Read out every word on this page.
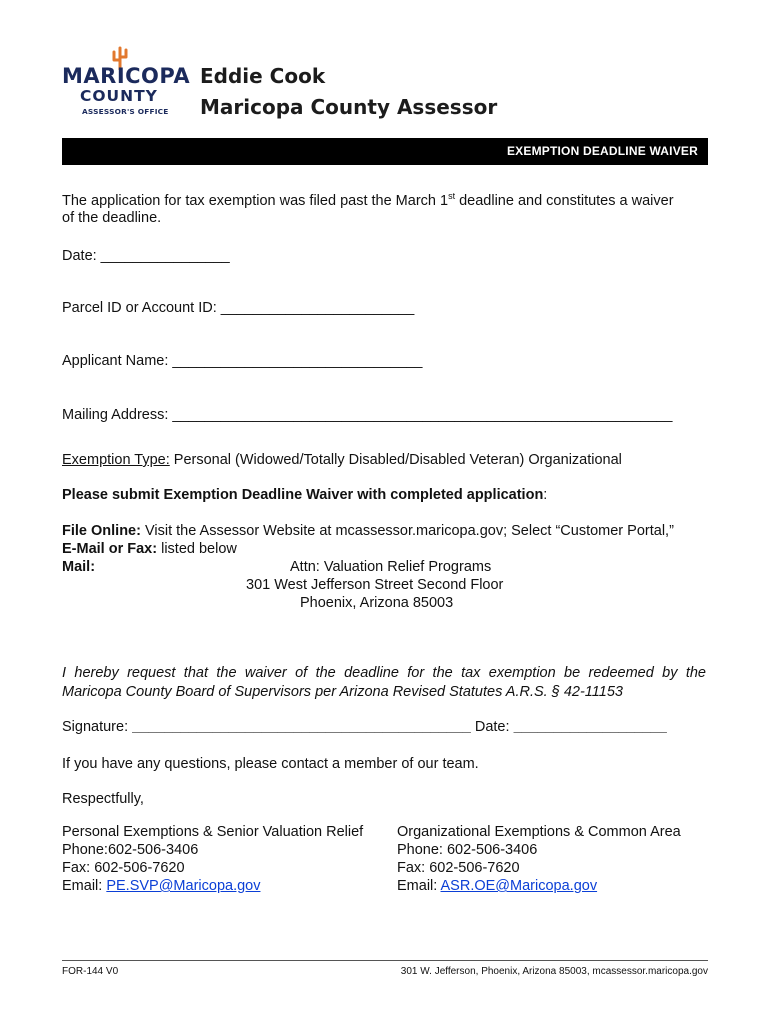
MARICOPA
COUNTY
ASSESSOR'S OFFICE
Eddie Cook
Maricopa County Assessor
EXEMPTION DEADLINE WAIVER
The application for tax exemption was filed past the March 1st deadline and constitutes a waiver
of the deadline.
Date: ________________
Parcel ID or Account ID: ________________________
Applicant Name: _______________________________
Mailing Address: ______________________________________________________________
Exemption Type: Personal (Widowed/Totally Disabled/Disabled Veteran) Organizational
Please submit Exemption Deadline Waiver with completed application:
File Online: Visit the Assessor Website at mcassessor.maricopa.gov; Select “Customer Portal,”
E-Mail or Fax: listed below
Mail:	Attn: Valuation Relief Programs
301 West Jefferson Street Second Floor
Phoenix, Arizona 85003
I hereby request that the waiver of the deadline for the tax exemption be redeemed by the
Maricopa County Board of Supervisors per Arizona Revised Statutes A.R.S. § 42-11153
Signature: __________________________________________ Date: ___________________
If you have any questions, please contact a member of our team.
Respectfully,
Personal Exemptions & Senior Valuation Relief
Phone:602-506-3406
Fax: 602-506-7620
Email: PE.SVP@Maricopa.gov
Organizational Exemptions & Common Area
Phone: 602-506-3406
Fax: 602-506-7620
Email: ASR.OE@Maricopa.gov
FOR-144 V0	301 W. Jefferson, Phoenix, Arizona 85003, mcassessor.maricopa.gov
